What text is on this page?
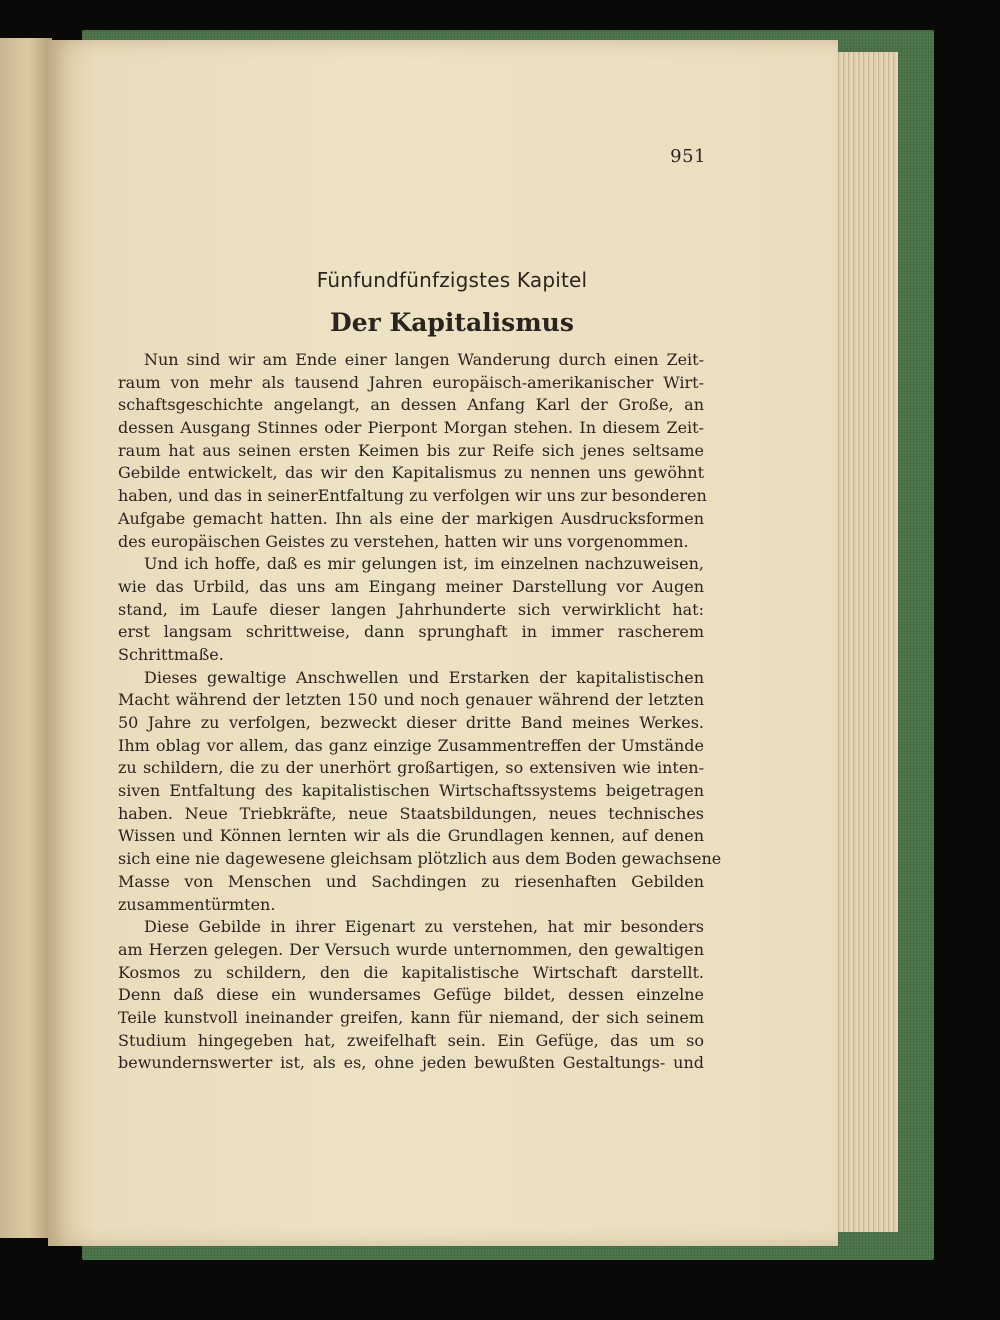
951
Fünfundfünfzigstes Kapitel
Der Kapitalismus
Nun sind wir am Ende einer langen Wanderung durch einen Zeit-
raum von mehr als tausend Jahren europäisch-amerikanischer Wirt-
schaftsgeschichte angelangt, an dessen Anfang Karl der Große, an
dessen Ausgang Stinnes oder Pierpont Morgan stehen. In diesem Zeit-
raum hat aus seinen ersten Keimen bis zur Reife sich jenes seltsame
Gebilde entwickelt, das wir den Kapitalismus zu nennen uns gewöhnt
haben, und das in seinerEntfaltung zu verfolgen wir uns zur besonderen
Aufgabe gemacht hatten. Ihn als eine der markigen Ausdrucksformen
des europäischen Geistes zu verstehen, hatten wir uns vorgenommen.
Und ich hoffe, daß es mir gelungen ist, im einzelnen nachzuweisen,
wie das Urbild, das uns am Eingang meiner Darstellung vor Augen
stand, im Laufe dieser langen Jahrhunderte sich verwirklicht hat:
erst langsam schrittweise, dann sprunghaft in immer rascherem
Schrittmaße.
Dieses gewaltige Anschwellen und Erstarken der kapitalistischen
Macht während der letzten 150 und noch genauer während der letzten
50 Jahre zu verfolgen, bezweckt dieser dritte Band meines Werkes.
Ihm oblag vor allem, das ganz einzige Zusammentreffen der Umstände
zu schildern, die zu der unerhört großartigen, so extensiven wie inten-
siven Entfaltung des kapitalistischen Wirtschaftssystems beigetragen
haben. Neue Triebkräfte, neue Staatsbildungen, neues technisches
Wissen und Können lernten wir als die Grundlagen kennen, auf denen
sich eine nie dagewesene gleichsam plötzlich aus dem Boden gewachsene
Masse von Menschen und Sachdingen zu riesenhaften Gebilden
zusammentürmten.
Diese Gebilde in ihrer Eigenart zu verstehen, hat mir besonders
am Herzen gelegen. Der Versuch wurde unternommen, den gewaltigen
Kosmos zu schildern, den die kapitalistische Wirtschaft darstellt.
Denn daß diese ein wundersames Gefüge bildet, dessen einzelne
Teile kunstvoll ineinander greifen, kann für niemand, der sich seinem
Studium hingegeben hat, zweifelhaft sein. Ein Gefüge, das um so
bewundernswerter ist, als es, ohne jeden bewußten Gestaltungs- und
